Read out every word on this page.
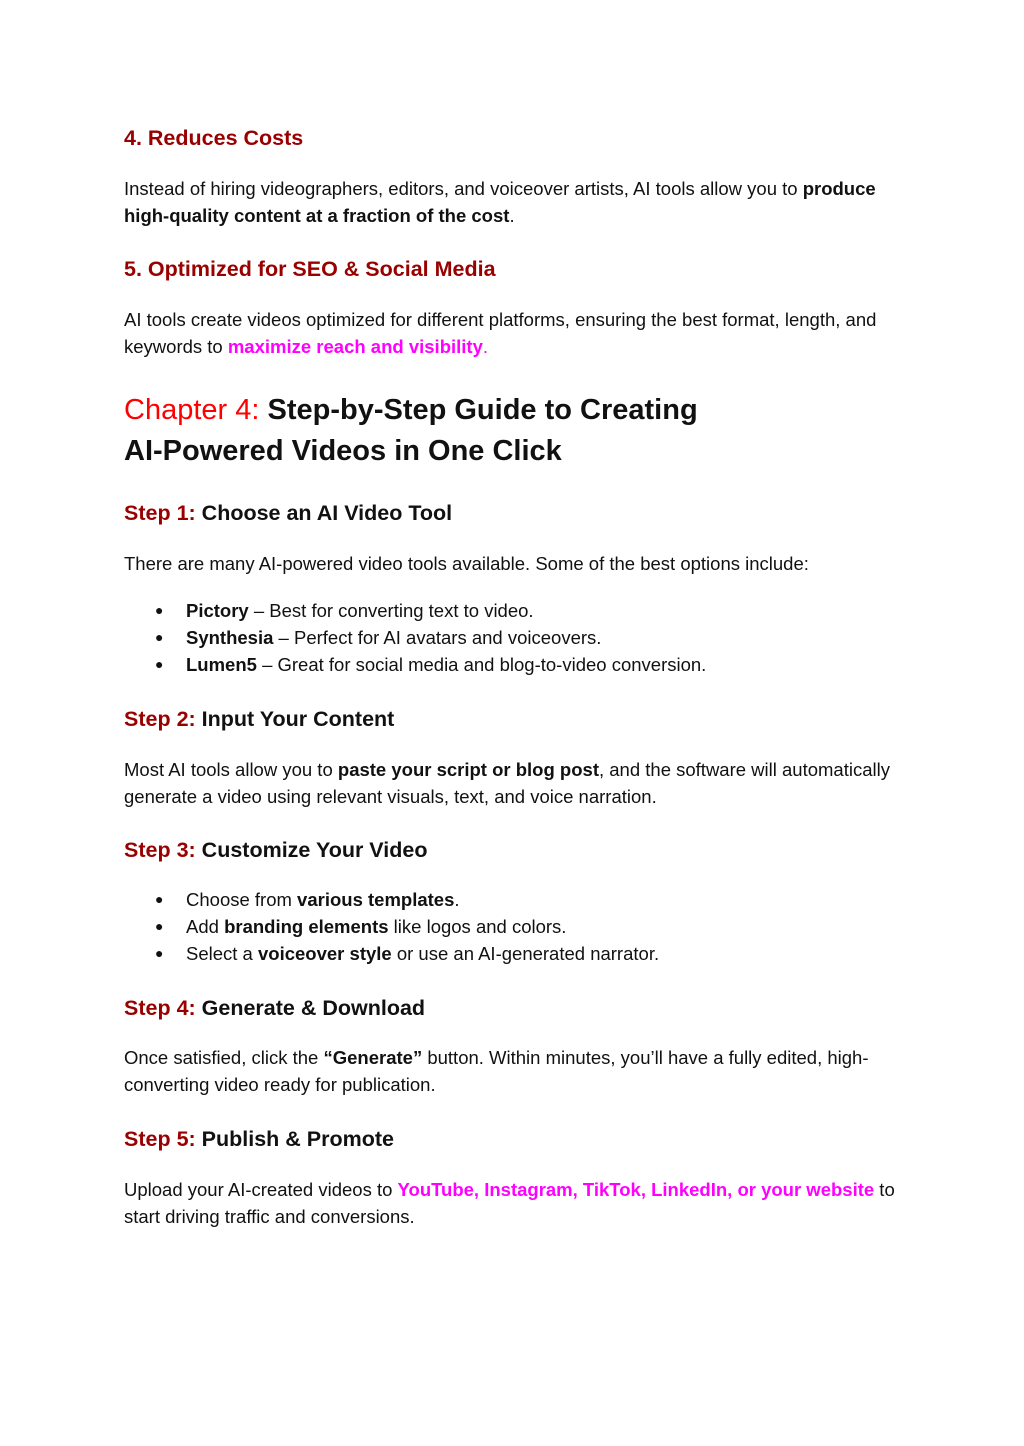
4. Reduces Costs
Instead of hiring videographers, editors, and voiceover artists, AI tools allow you to produce high-quality content at a fraction of the cost.
5. Optimized for SEO & Social Media
AI tools create videos optimized for different platforms, ensuring the best format, length, and keywords to maximize reach and visibility.
Chapter 4: Step-by-Step Guide to Creating
AI-Powered Videos in One Click
Step 1: Choose an AI Video Tool
There are many AI-powered video tools available. Some of the best options include:
● Pictory – Best for converting text to video.
● Synthesia – Perfect for AI avatars and voiceovers.
● Lumen5 – Great for social media and blog-to-video conversion.
Step 2: Input Your Content
Most AI tools allow you to paste your script or blog post, and the software will automatically generate a video using relevant visuals, text, and voice narration.
Step 3: Customize Your Video
● Choose from various templates.
● Add branding elements like logos and colors.
● Select a voiceover style or use an AI-generated narrator.
Step 4: Generate & Download
Once satisfied, click the “Generate” button. Within minutes, you’ll have a fully edited, high-converting video ready for publication.
Step 5: Publish & Promote
Upload your AI-created videos to YouTube, Instagram, TikTok, LinkedIn, or your website to start driving traffic and conversions.
